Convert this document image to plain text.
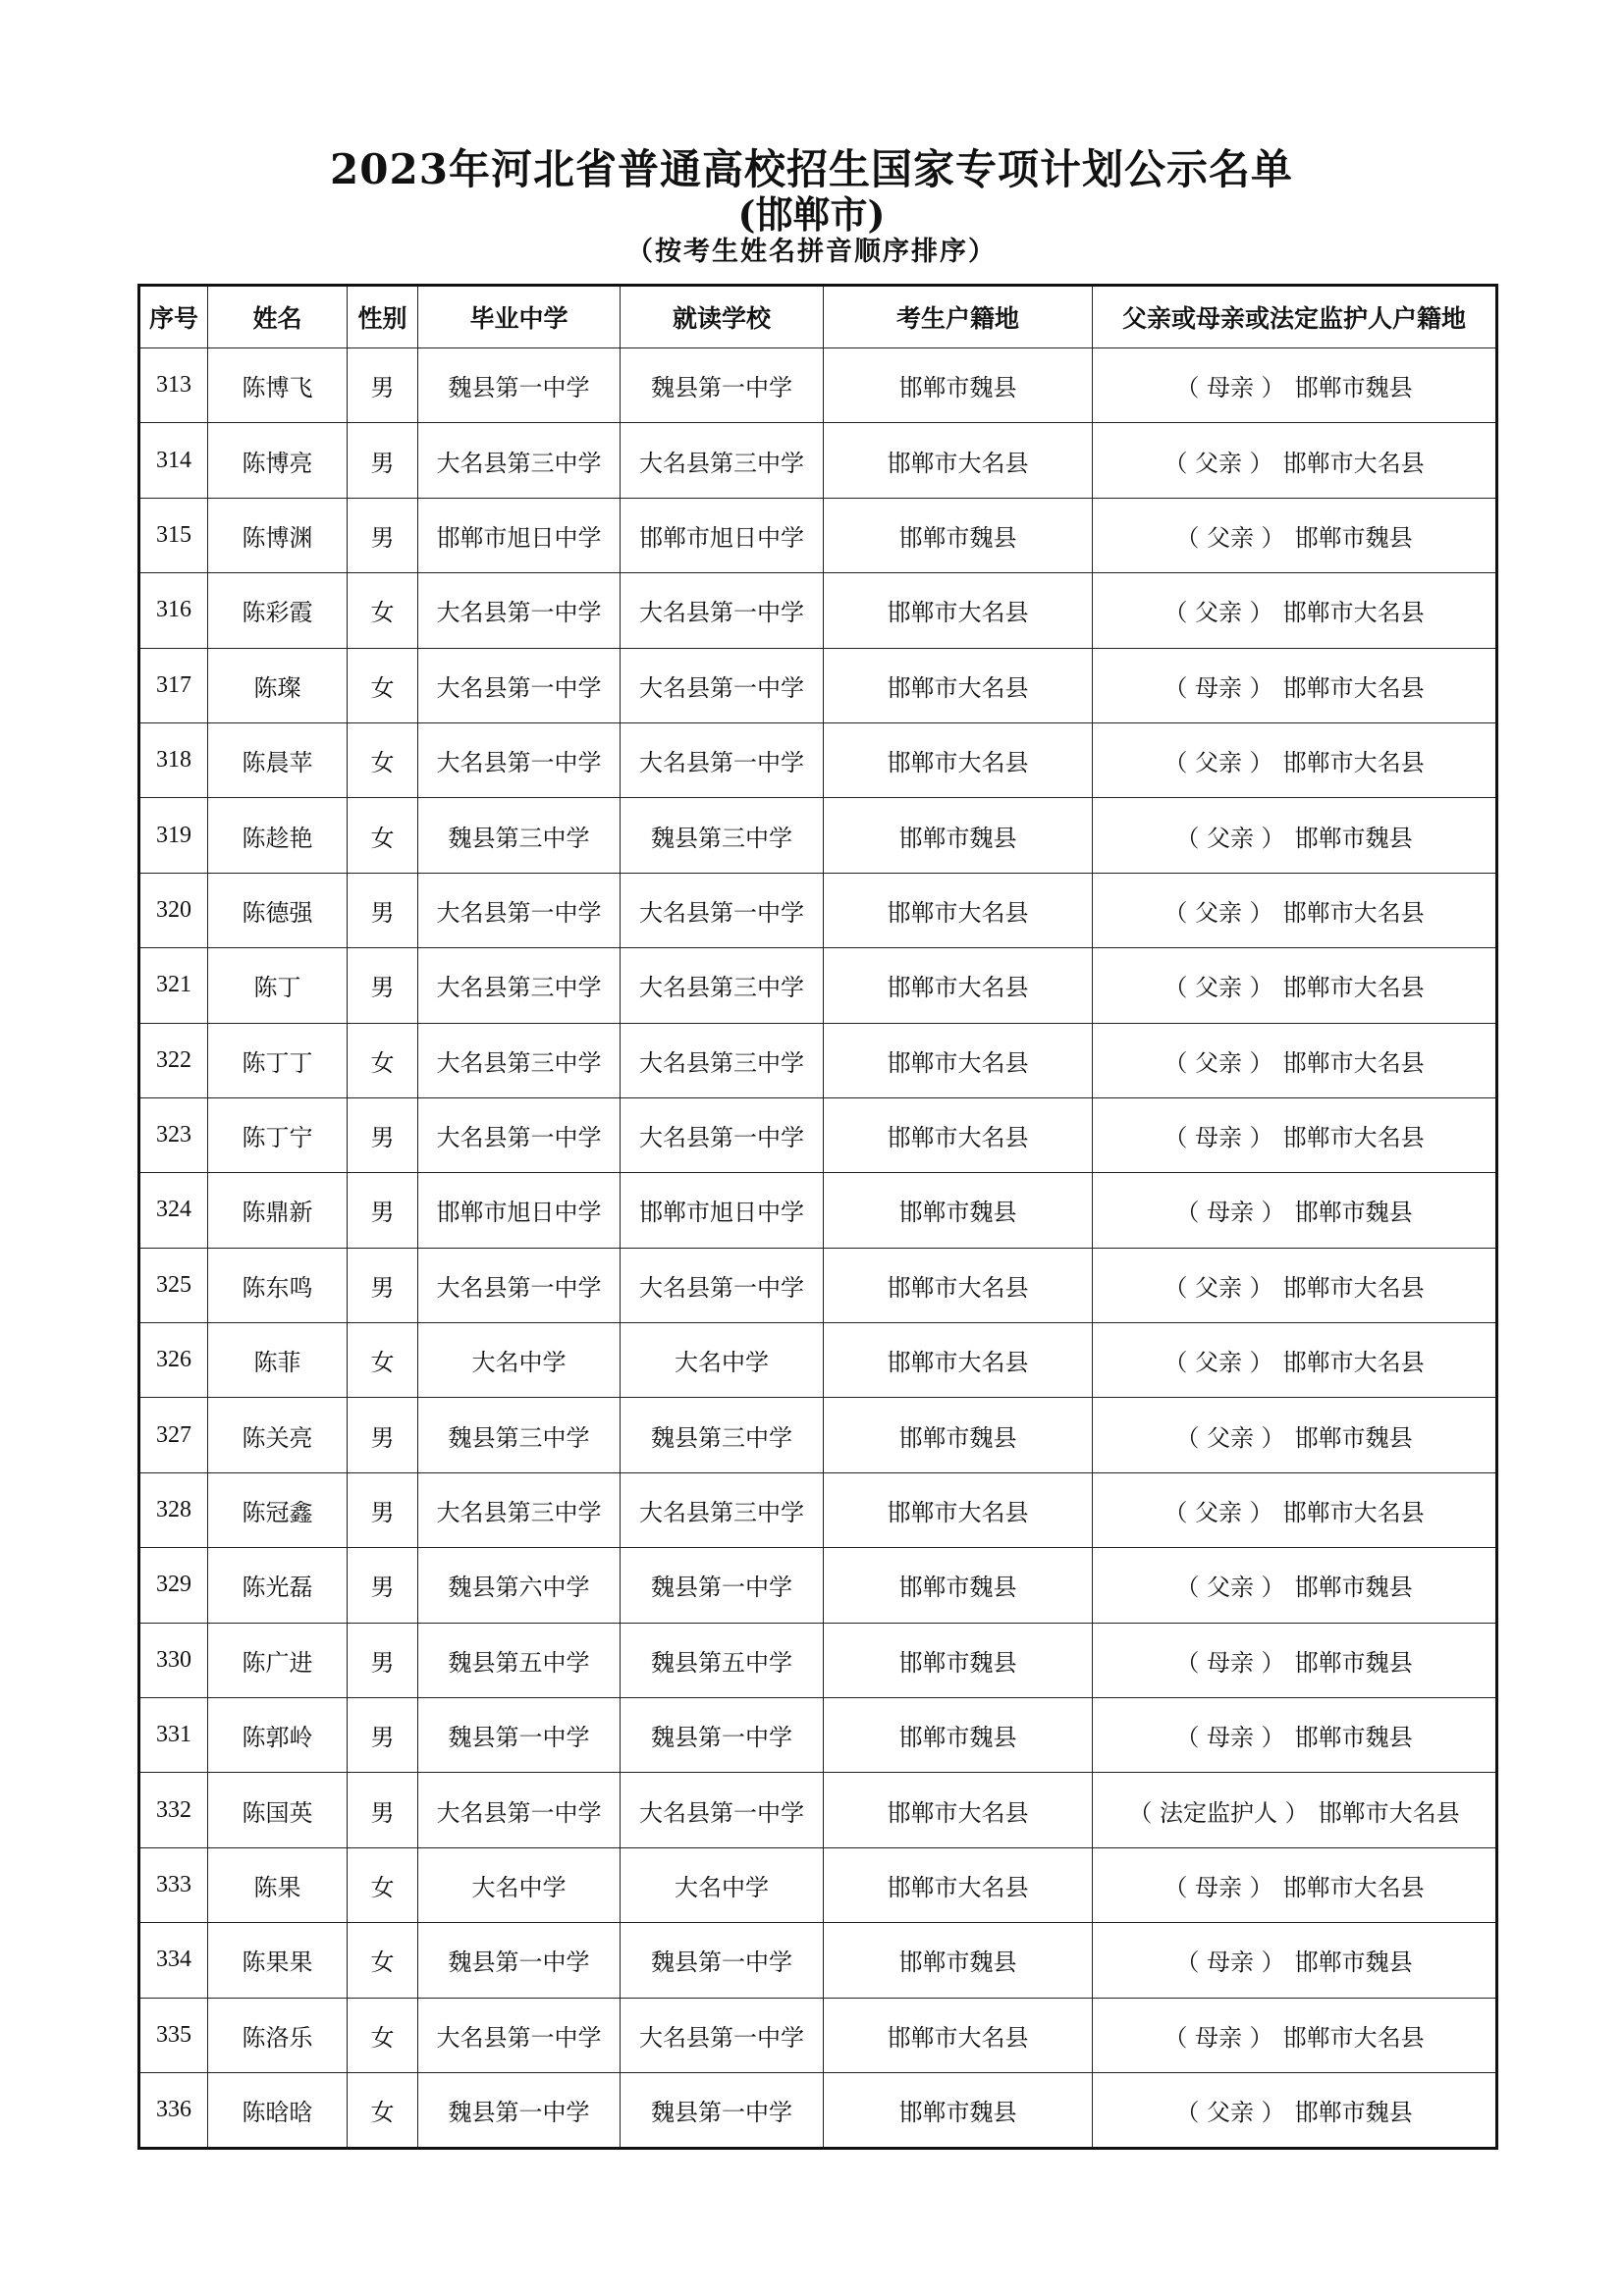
2023年河北省普通高校招生国家专项计划公示名单
(邯郸市)
（按考生姓名拼音顺序排序）
序号	姓名	性别	毕业中学	就读学校	考生户籍地	父亲或母亲或法定监护人户籍地
313	陈博飞	男	魏县第一中学	魏县第一中学	邯郸市魏县	（ 母亲 ） 邯郸市魏县
314	陈博亮	男	大名县第三中学	大名县第三中学	邯郸市大名县	（ 父亲 ） 邯郸市大名县
315	陈博渊	男	邯郸市旭日中学	邯郸市旭日中学	邯郸市魏县	（ 父亲 ） 邯郸市魏县
316	陈彩霞	女	大名县第一中学	大名县第一中学	邯郸市大名县	（ 父亲 ） 邯郸市大名县
317	陈璨	女	大名县第一中学	大名县第一中学	邯郸市大名县	（ 母亲 ） 邯郸市大名县
318	陈晨苹	女	大名县第一中学	大名县第一中学	邯郸市大名县	（ 父亲 ） 邯郸市大名县
319	陈趁艳	女	魏县第三中学	魏县第三中学	邯郸市魏县	（ 父亲 ） 邯郸市魏县
320	陈德强	男	大名县第一中学	大名县第一中学	邯郸市大名县	（ 父亲 ） 邯郸市大名县
321	陈丁	男	大名县第三中学	大名县第三中学	邯郸市大名县	（ 父亲 ） 邯郸市大名县
322	陈丁丁	女	大名县第三中学	大名县第三中学	邯郸市大名县	（ 父亲 ） 邯郸市大名县
323	陈丁宁	男	大名县第一中学	大名县第一中学	邯郸市大名县	（ 母亲 ） 邯郸市大名县
324	陈鼎新	男	邯郸市旭日中学	邯郸市旭日中学	邯郸市魏县	（ 母亲 ） 邯郸市魏县
325	陈东鸣	男	大名县第一中学	大名县第一中学	邯郸市大名县	（ 父亲 ） 邯郸市大名县
326	陈菲	女	大名中学	大名中学	邯郸市大名县	（ 父亲 ） 邯郸市大名县
327	陈关亮	男	魏县第三中学	魏县第三中学	邯郸市魏县	（ 父亲 ） 邯郸市魏县
328	陈冠鑫	男	大名县第三中学	大名县第三中学	邯郸市大名县	（ 父亲 ） 邯郸市大名县
329	陈光磊	男	魏县第六中学	魏县第一中学	邯郸市魏县	（ 父亲 ） 邯郸市魏县
330	陈广进	男	魏县第五中学	魏县第五中学	邯郸市魏县	（ 母亲 ） 邯郸市魏县
331	陈郭岭	男	魏县第一中学	魏县第一中学	邯郸市魏县	（ 母亲 ） 邯郸市魏县
332	陈国英	男	大名县第一中学	大名县第一中学	邯郸市大名县	（ 法定监护人 ） 邯郸市大名县
333	陈果	女	大名中学	大名中学	邯郸市大名县	（ 母亲 ） 邯郸市大名县
334	陈果果	女	魏县第一中学	魏县第一中学	邯郸市魏县	（ 母亲 ） 邯郸市魏县
335	陈洛乐	女	大名县第一中学	大名县第一中学	邯郸市大名县	（ 母亲 ） 邯郸市大名县
336	陈晗晗	女	魏县第一中学	魏县第一中学	邯郸市魏县	（ 父亲 ） 邯郸市魏县
